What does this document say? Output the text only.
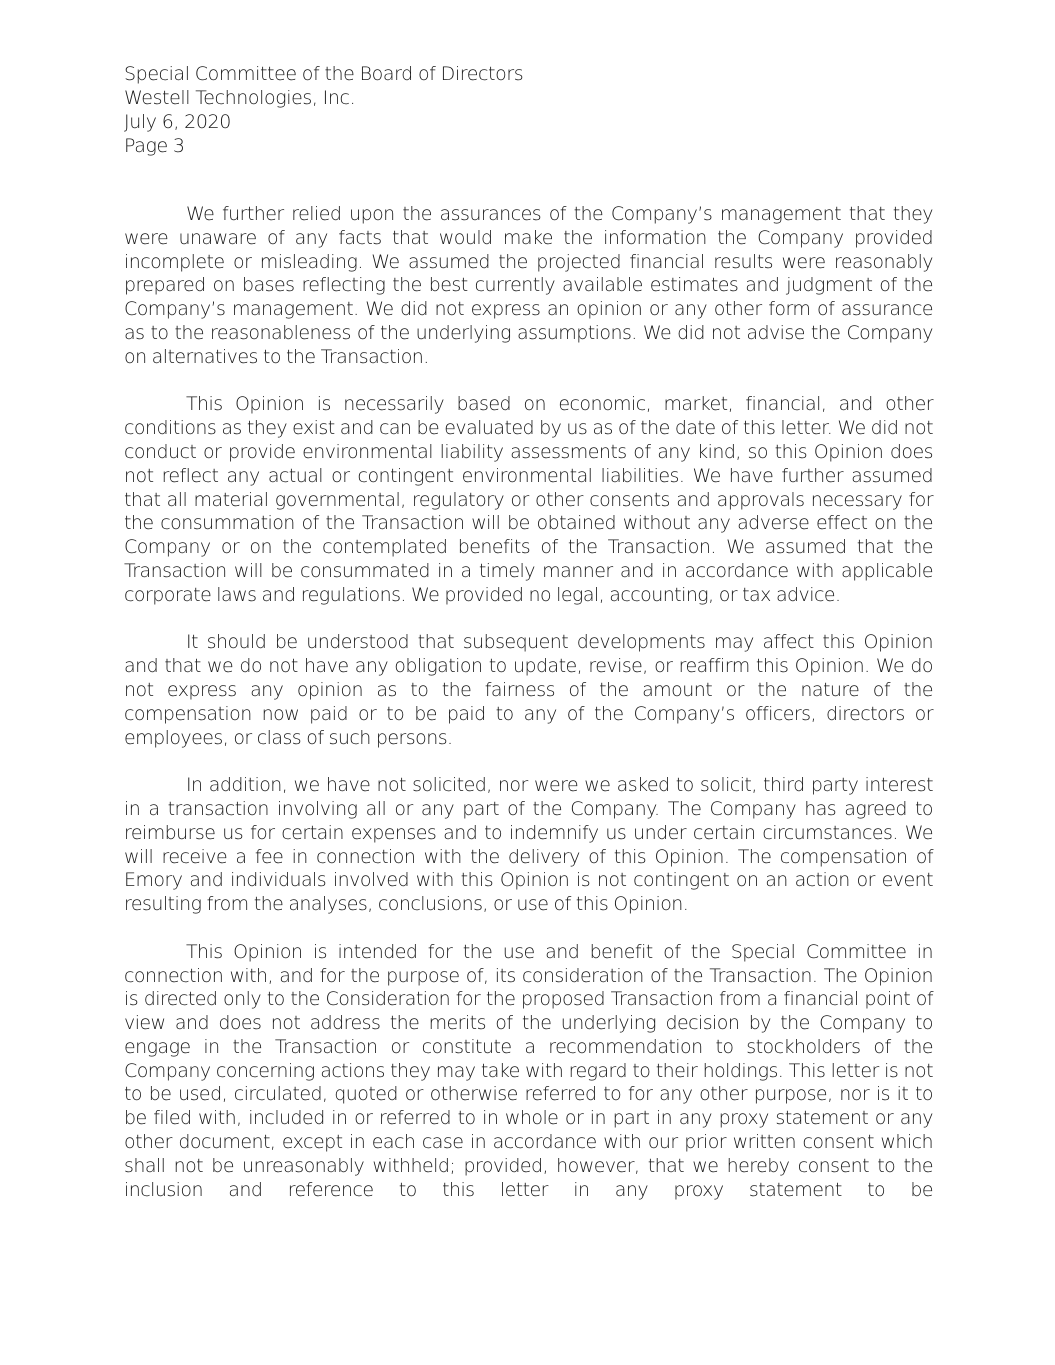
Special Committee of the Board of Directors
Westell Technologies, Inc.
July 6, 2020
Page 3

We further relied upon the assurances of the Company’s management that they were unaware of any facts that would make the information the Company provided incomplete or misleading. We assumed the projected financial results were reasonably prepared on bases reflecting the best currently available estimates and judgment of the Company’s management. We did not express an opinion or any other form of assurance as to the reasonableness of the underlying assumptions. We did not advise the Company on alternatives to the Transaction.

This Opinion is necessarily based on economic, market, financial, and other conditions as they exist and can be evaluated by us as of the date of this letter. We did not conduct or provide environmental liability assessments of any kind, so this Opinion does not reflect any actual or contingent environmental liabilities. We have further assumed that all material governmental, regulatory or other consents and approvals necessary for the consummation of the Transaction will be obtained without any adverse effect on the Company or on the contemplated benefits of the Transaction. We assumed that the Transaction will be consummated in a timely manner and in accordance with applicable corporate laws and regulations. We provided no legal, accounting, or tax advice.

It should be understood that subsequent developments may affect this Opinion and that we do not have any obligation to update, revise, or reaffirm this Opinion. We do not express any opinion as to the fairness of the amount or the nature of the compensation now paid or to be paid to any of the Company’s officers, directors or employees, or class of such persons.

In addition, we have not solicited, nor were we asked to solicit, third party interest in a transaction involving all or any part of the Company. The Company has agreed to reimburse us for certain expenses and to indemnify us under certain circumstances. We will receive a fee in connection with the delivery of this Opinion. The compensation of Emory and individuals involved with this Opinion is not contingent on an action or event resulting from the analyses, conclusions, or use of this Opinion.

This Opinion is intended for the use and benefit of the Special Committee in connection with, and for the purpose of, its consideration of the Transaction. The Opinion is directed only to the Consideration for the proposed Transaction from a financial point of view and does not address the merits of the underlying decision by the Company to engage in the Transaction or constitute a recommendation to stockholders of the Company concerning actions they may take with regard to their holdings. This letter is not to be used, circulated, quoted or otherwise referred to for any other purpose, nor is it to be filed with, included in or referred to in whole or in part in any proxy statement or any other document, except in each case in accordance with our prior written consent which shall not be unreasonably withheld; provided, however, that we hereby consent to the inclusion and reference to this letter in any proxy statement to be
